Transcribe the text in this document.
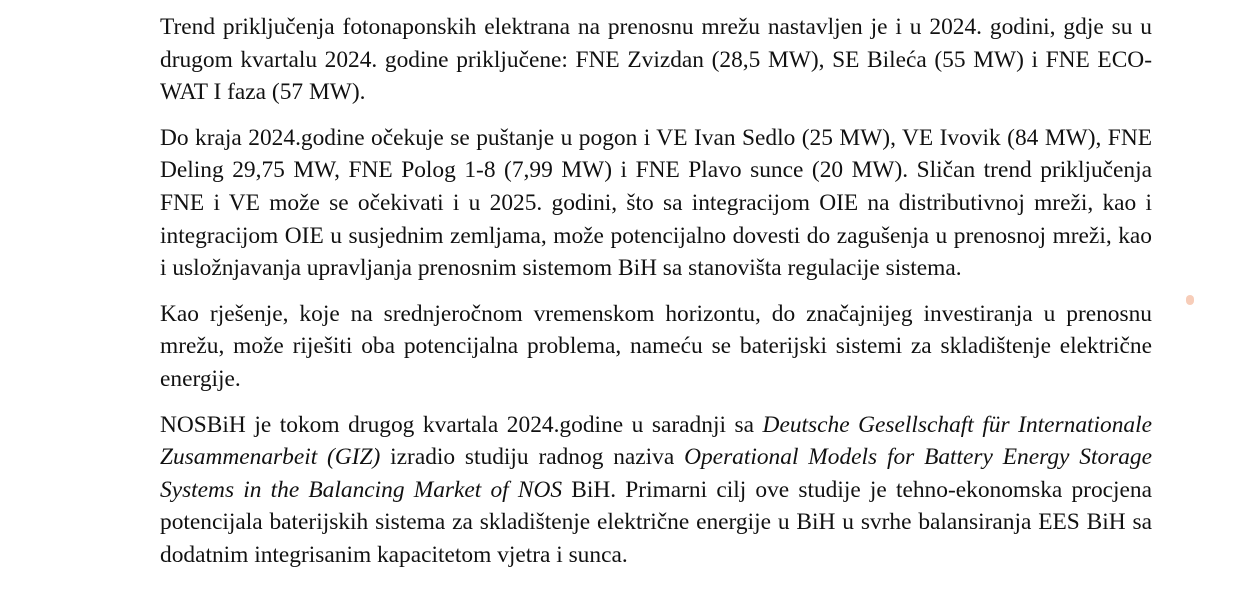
Trend priključenja fotonaponskih elektrana na prenosnu mrežu nastavljen je i u 2024. godini, gdje su u drugom kvartalu 2024. godine priključene: FNE Zvizdan (28,5 MW), SE Bileća (55 MW) i FNE ECO-WAT I faza (57 MW).

Do kraja 2024.godine očekuje se puštanje u pogon i VE Ivan Sedlo (25 MW), VE Ivovik (84 MW), FNE Deling 29,75 MW, FNE Polog 1-8 (7,99 MW) i FNE Plavo sunce (20 MW). Sličan trend priključenja FNE i VE može se očekivati i u 2025. godini, što sa integracijom OIE na distributivnoj mreži, kao i integracijom OIE u susjednim zemljama, može potencijalno dovesti do zagušenja u prenosnoj mreži, kao i usložnjavanja upravljanja prenosnim sistemom BiH sa stanovišta regulacije sistema.

Kao rješenje, koje na srednjeročnom vremenskom horizontu, do značajnijeg investiranja u prenosnu mrežu, može riješiti oba potencijalna problema, nameću se baterijski sistemi za skladištenje električne energije.

NOSBiH je tokom drugog kvartala 2024.godine u saradnji sa Deutsche Gesellschaft für Internationale Zusammenarbeit (GIZ) izradio studiju radnog naziva Operational Models for Battery Energy Storage Systems in the Balancing Market of NOS BiH. Primarni cilj ove studije je tehno-ekonomska procjena potencijala baterijskih sistema za skladištenje električne energije u BiH u svrhe balansiranja EES BiH sa dodatnim integrisanim kapacitetom vjetra i sunca.
